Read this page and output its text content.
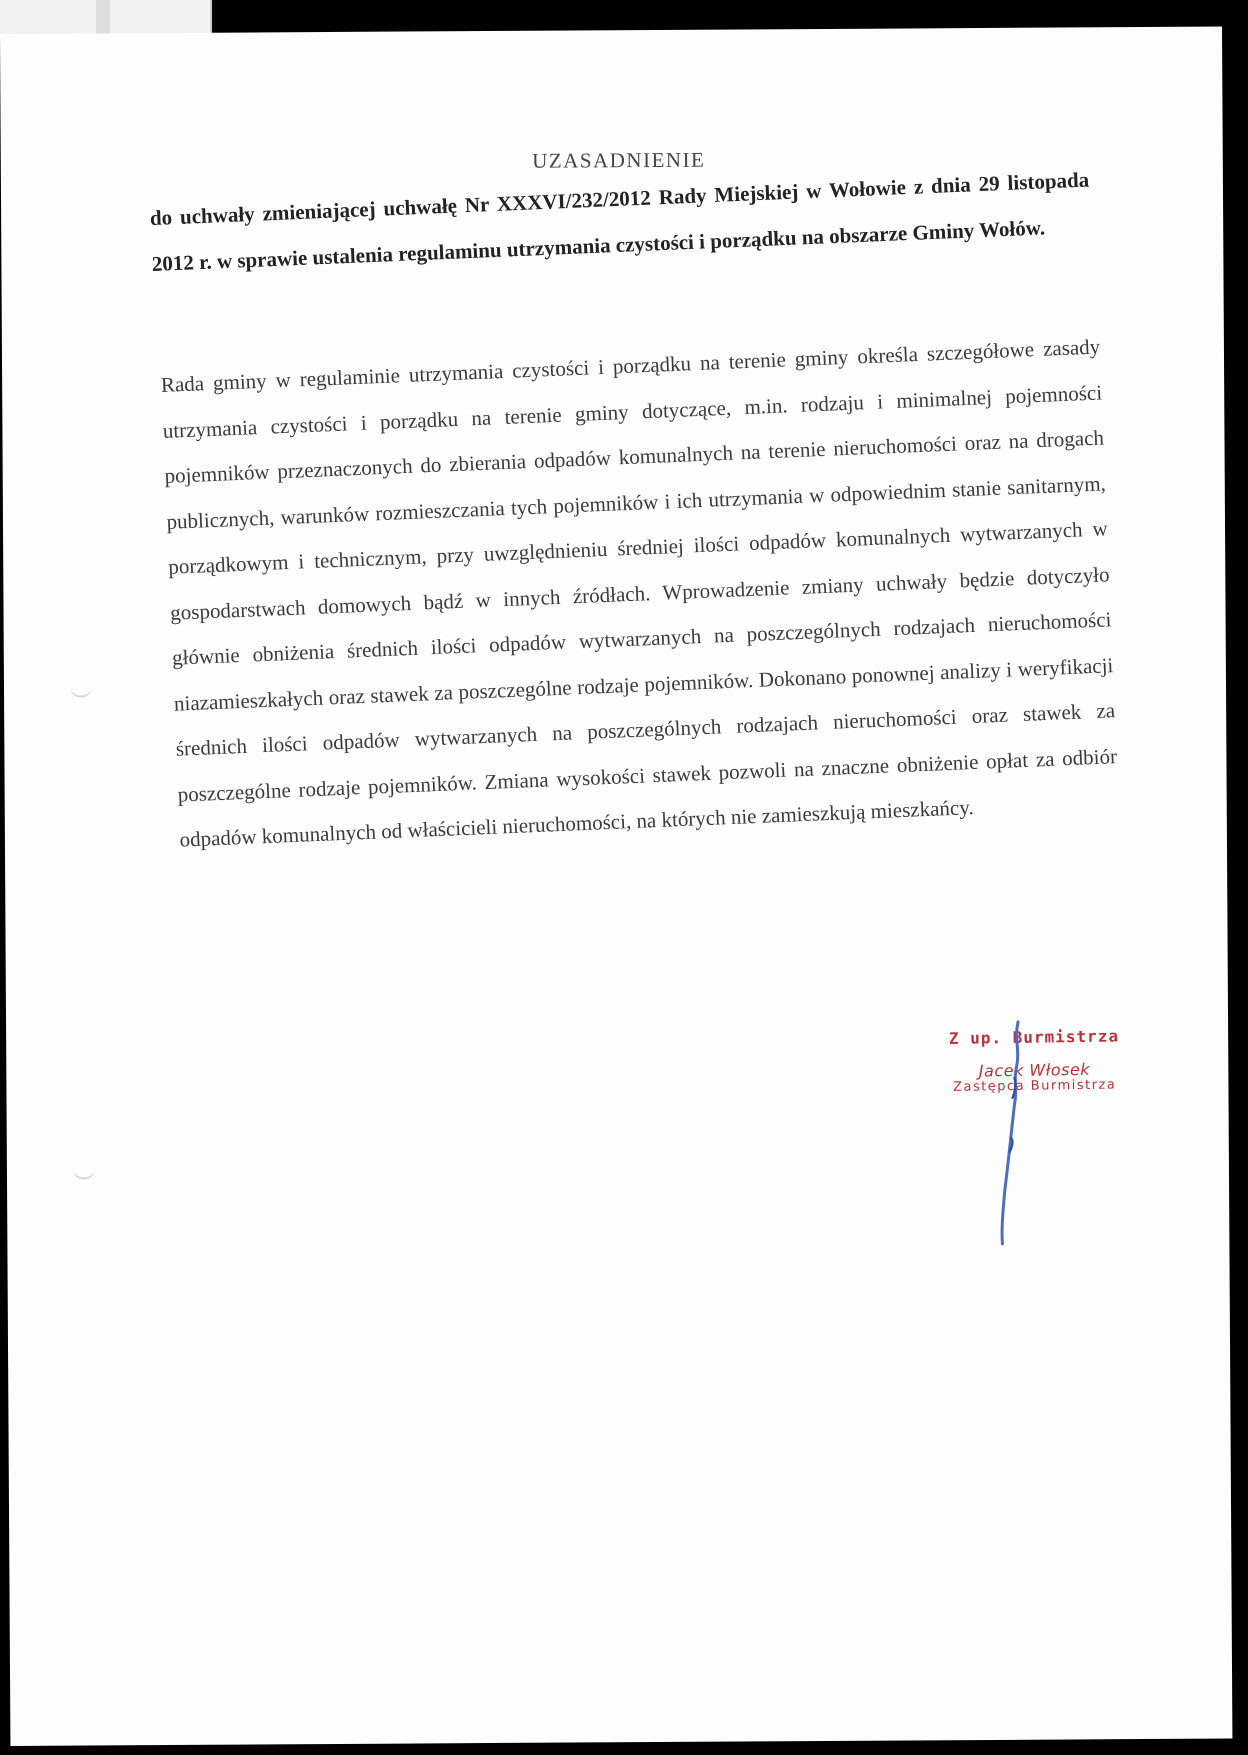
UZASADNIENIE
do uchwały zmieniającej uchwałę Nr XXXVI/232/2012 Rady Miejskiej w Wołowie z dnia 29 listopada 2012 r. w sprawie ustalenia regulaminu utrzymania czystości i porządku na obszarze Gminy Wołów.
Rada gminy w regulaminie utrzymania czystości i porządku na terenie gminy określa szczegółowe zasady utrzymania czystości i porządku na terenie gminy dotyczące, m.in. rodzaju i minimalnej pojemności pojemników przeznaczonych do zbierania odpadów komunalnych na terenie nieruchomości oraz na drogach publicznych, warunków rozmieszczania tych pojemników i ich utrzymania w odpowiednim stanie sanitarnym, porządkowym i technicznym, przy uwzględnieniu średniej ilości odpadów komunalnych wytwarzanych w gospodarstwach domowych bądź w innych źródłach. Wprowadzenie zmiany uchwały będzie dotyczyło głównie obniżenia średnich ilości odpadów wytwarzanych na poszczególnych rodzajach nieruchomości niazamieszkałych oraz stawek za poszczególne rodzaje pojemników. Dokonano ponownej analizy i weryfikacji średnich ilości odpadów wytwarzanych na poszczególnych rodzajach nieruchomości oraz stawek za poszczególne rodzaje pojemników. Zmiana wysokości stawek pozwoli na znaczne obniżenie opłat za odbiór odpadów komunalnych od właścicieli nieruchomości, na których nie zamieszkują mieszkańcy.
Z up. Burmistrza
Jacek Włosek
Zastępca Burmistrza
